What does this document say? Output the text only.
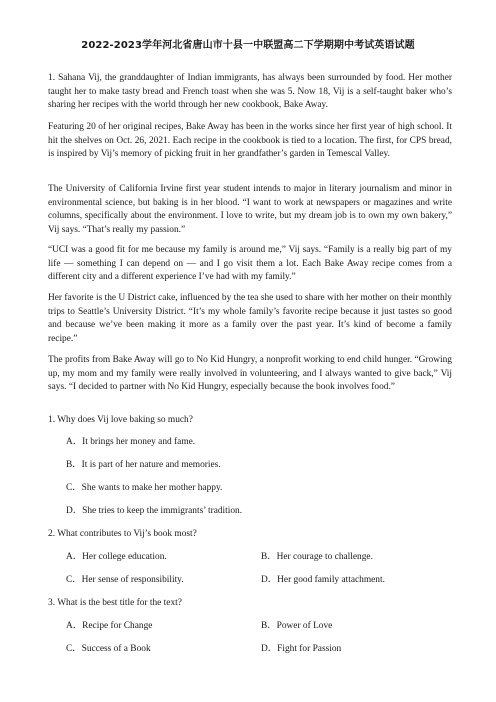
2022-2023学年河北省唐山市十县一中联盟高二下学期期中考试英语试题
1. Sahana Vij, the granddaughter of Indian immigrants, has always been surrounded by food. Her mother taught her to make tasty bread and French toast when she was 5. Now 18, Vij is a self-taught baker who’s sharing her recipes with the world through her new cookbook, Bake Away.
Featuring 20 of her original recipes, Bake Away has been in the works since her first year of high school. It hit the shelves on Oct. 26, 2021. Each recipe in the cookbook is tied to a location. The first, for CPS bread, is inspired by Vij’s memory of picking fruit in her grandfather’s garden in Temescal Valley.
The University of California Irvine first year student intends to major in literary journalism and minor in environmental science, but baking is in her blood. “I want to work at newspapers or magazines and write columns, specifically about the environment. I love to write, but my dream job is to own my own bakery,” Vij says. “That’s really my passion.”
“UCI was a good fit for me because my family is around me,” Vij says. “Family is a really big part of my life — something I can depend on — and I go visit them a lot. Each Bake Away recipe comes from a different city and a different experience I’ve had with my family.”
Her favorite is the U District cake, influenced by the tea she used to share with her mother on their monthly trips to Seattle’s University District. “It’s my whole family’s favorite recipe because it just tastes so good and because we’ve been making it more as a family over the past year. It’s kind of become a family recipe.”
The profits from Bake Away will go to No Kid Hungry, a nonprofit working to end child hunger. “Growing up, my mom and my family were really involved in volunteering, and I always wanted to give back,” Vij says. “I decided to partner with No Kid Hungry, especially because the book involves food.”
1. Why does Vij love baking so much?
A．It brings her money and fame.
B．It is part of her nature and memories.
C．She wants to make her mother happy.
D．She tries to keep the immigrants’ tradition.
2. What contributes to Vij’s book most?
A．Her college education.	B．Her courage to challenge.
C．Her sense of responsibility.	D．Her good family attachment.
3. What is the best title for the text?
A．Recipe for Change	B．Power of Love
C．Success of a Book	D．Fight for Passion
